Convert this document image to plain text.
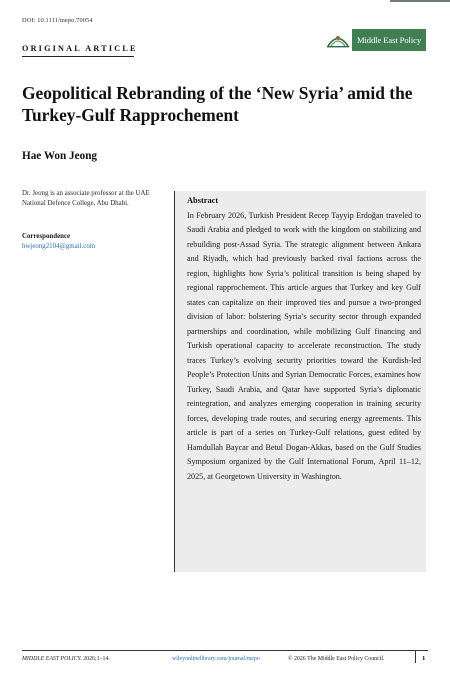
DOI: 10.1111/mepo.70054
ORIGINAL ARTICLE
Middle East Policy
Geopolitical Rebranding of the ‘New Syria’ amid the Turkey-Gulf Rapprochement
Hae Won Jeong
Dr. Jeong is an associate professor at the UAE National Defence College, Abu Dhabi.
Correspondence
hwjeong2104@gmail.com
Abstract

In February 2026, Turkish President Recep Tayyip Erdoğan traveled to Saudi Arabia and pledged to work with the kingdom on stabilizing and rebuilding post-Assad Syria. The strategic alignment between Ankara and Riyadh, which had previously backed rival factions across the region, highlights how Syria’s political transition is being shaped by regional rapprochement. This article argues that Turkey and key Gulf states can capitalize on their improved ties and pursue a two-pronged division of labor: bolstering Syria’s security sector through expanded partnerships and coordination, while mobilizing Gulf financing and Turkish operational capacity to accelerate reconstruction. The study traces Turkey’s evolving security priorities toward the Kurdish-led People’s Protection Units and Syrian Democratic Forces, examines how Turkey, Saudi Arabia, and Qatar have supported Syria’s diplomatic reintegration, and analyzes emerging cooperation in training security forces, developing trade routes, and securing energy agreements. This article is part of a series on Turkey-Gulf relations, guest edited by Hamdullah Baycar and Betul Dogan-Akkas, based on the Gulf Studies Symposium organized by the Gulf International Forum, April 11–12, 2025, at Georgetown University in Washington.

MIDDLE EAST POLICY. 2026;1–14.	wileyonlinelibrary.com/journal/mepo	© 2026 The Middle East Policy Council.	1
